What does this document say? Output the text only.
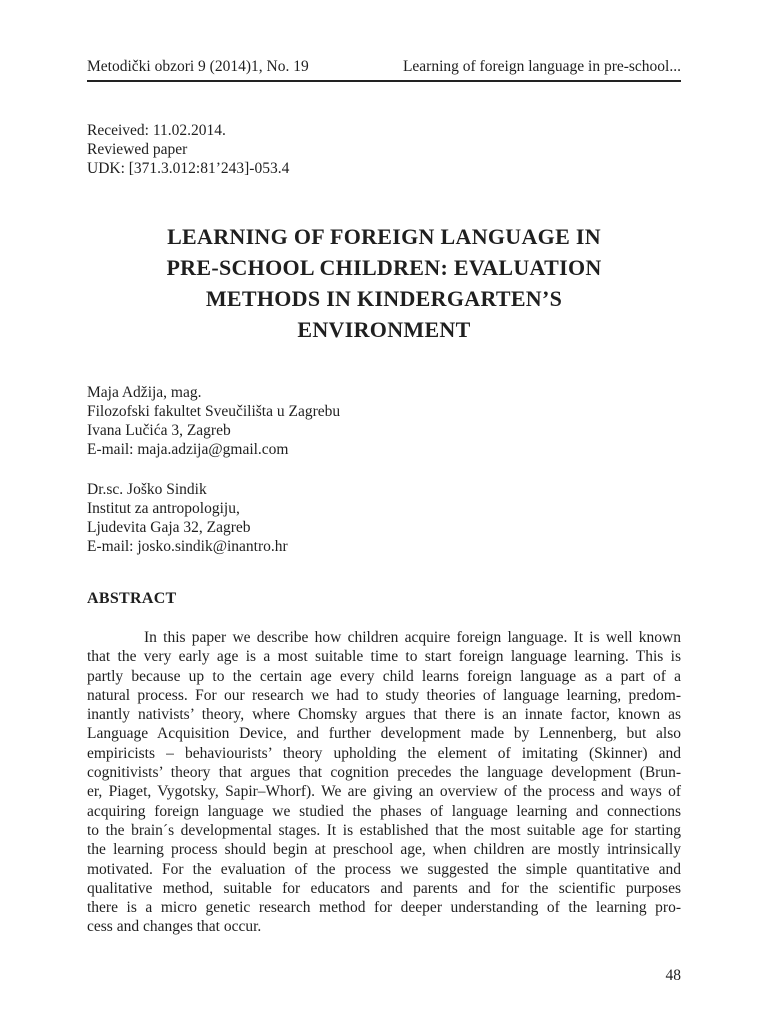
Metodički obzori 9 (2014)1, No. 19	Learning of foreign language in pre-school...
Received: 11.02.2014.
Reviewed paper
UDK: [371.3.012:81’243]-053.4
LEARNING OF FOREIGN LANGUAGE IN
PRE-SCHOOL CHILDREN: EVALUATION
METHODS IN KINDERGARTEN’S
ENVIRONMENT
Maja Adžija, mag.
Filozofski fakultet Sveučilišta u Zagrebu
Ivana Lučića 3, Zagreb
E-mail: maja.adzija@gmail.com
Dr.sc. Joško Sindik
Institut za antropologiju,
Ljudevita Gaja 32, Zagreb
E-mail: josko.sindik@inantro.hr
ABSTRACT
In this paper we describe how children acquire foreign language. It is well known
that the very early age is a most suitable time to start foreign language learning. This is
partly because up to the certain age every child learns foreign language as a part of a
natural process. For our research we had to study theories of language learning, predom-
inantly nativists’ theory, where Chomsky argues that there is an innate factor, known as
Language Acquisition Device, and further development made by Lennenberg, but also
empiricists – behaviourists’ theory upholding the element of imitating (Skinner) and
cognitivists’ theory that argues that cognition precedes the language development (Brun-
er, Piaget, Vygotsky, Sapir–Whorf). We are giving an overview of the process and ways of
acquiring foreign language we studied the phases of language learning and connections
to the brain´s developmental stages. It is established that the most suitable age for starting
the learning process should begin at preschool age, when children are mostly intrinsically
motivated. For the evaluation of the process we suggested the simple quantitative and
qualitative method, suitable for educators and parents and for the scientific purposes
there is a micro genetic research method for deeper understanding of the learning pro-
cess and changes that occur.
48
